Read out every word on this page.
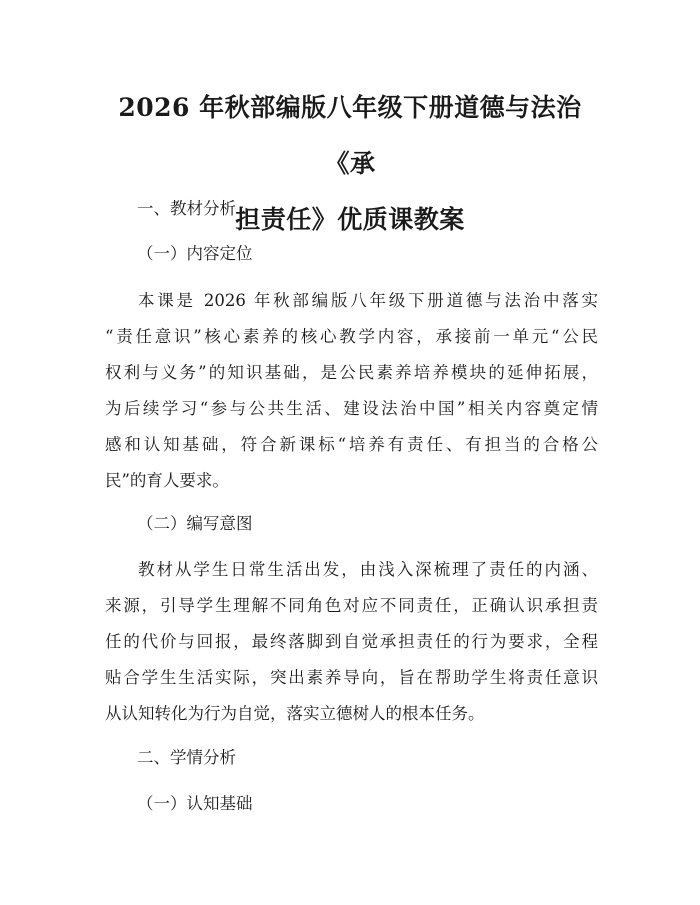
2026 年秋部编版八年级下册道德与法治《承
担责任》优质课教案

一、教材分析

（一）内容定位

本课是 2026 年秋部编版八年级下册道德与法治中落实
“责任意识”核心素养的核心教学内容，承接前一单元“公民
权利与义务”的知识基础，是公民素养培养模块的延伸拓展，
为后续学习“参与公共生活、建设法治中国”相关内容奠定情
感和认知基础，符合新课标“培养有责任、有担当的合格公
民”的育人要求。

（二）编写意图

教材从学生日常生活出发，由浅入深梳理了责任的内涵、
来源，引导学生理解不同角色对应不同责任，正确认识承担责
任的代价与回报，最终落脚到自觉承担责任的行为要求，全程
贴合学生生活实际，突出素养导向，旨在帮助学生将责任意识
从认知转化为行为自觉，落实立德树人的根本任务。

二、学情分析

（一）认知基础
